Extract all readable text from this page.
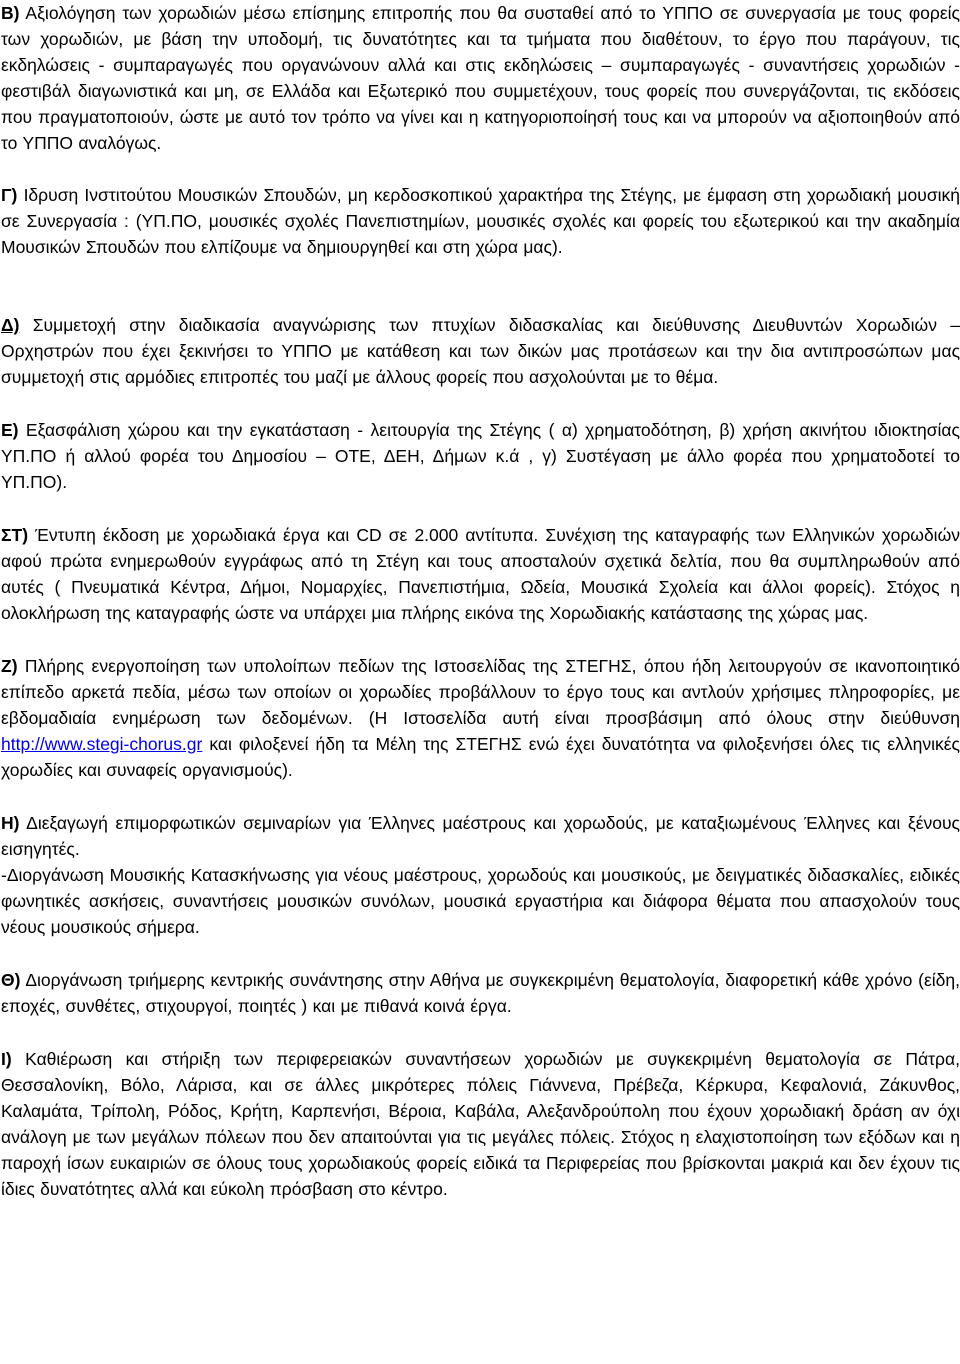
Β) Αξιολόγηση των χορωδιών μέσω επίσημης επιτροπής που θα συσταθεί από το ΥΠΠΟ σε συνεργασία με τους φορείς των χορωδιών, με βάση την υποδομή, τις δυνατότητες και τα τμήματα που διαθέτουν, το έργο που παράγουν, τις εκδηλώσεις - συμπαραγωγές που οργανώνουν αλλά και στις εκδηλώσεις – συμπαραγωγές - συναντήσεις χορωδιών - φεστιβάλ διαγωνιστικά και μη, σε Ελλάδα και Εξωτερικό που συμμετέχουν, τους φορείς που συνεργάζονται, τις εκδόσεις που πραγματοποιούν, ώστε με αυτό τον τρόπο να γίνει και η κατηγοριοποίησή τους και να μπορούν να αξιοποιηθούν από το ΥΠΠΟ αναλόγως.

Γ) Ιδρυση Ινστιτούτου Μουσικών Σπουδών, μη κερδοσκοπικού χαρακτήρα της Στέγης, με έμφαση στη χορωδιακή μουσική σε Συνεργασία : (ΥΠ.ΠΟ, μουσικές σχολές Πανεπιστημίων, μουσικές σχολές και φορείς του εξωτερικού και την ακαδημία Μουσικών Σπουδών που ελπίζουμε να δημιουργηθεί και στη χώρα μας).

Δ) Συμμετοχή στην διαδικασία αναγνώρισης των πτυχίων διδασκαλίας και διεύθυνσης Διευθυντών Χορωδιών – Ορχηστρών που έχει ξεκινήσει το ΥΠΠΟ με κατάθεση και των δικών μας προτάσεων και την δια αντιπροσώπων μας συμμετοχή στις αρμόδιες επιτροπές του μαζί με άλλους φορείς που ασχολούνται με το θέμα.

Ε) Εξασφάλιση χώρου και την εγκατάσταση - λειτουργία της Στέγης ( α) χρηματοδότηση, β) χρήση ακινήτου ιδιοκτησίας ΥΠ.ΠΟ ή αλλού φορέα του Δημοσίου – ΟΤΕ, ΔΕΗ, Δήμων κ.ά , γ) Συστέγαση με άλλο φορέα που χρηματοδοτεί το ΥΠ.ΠΟ).

ΣΤ) Έντυπη έκδοση με χορωδιακά έργα και CD σε 2.000 αντίτυπα. Συνέχιση της καταγραφής των Ελληνικών χορωδιών αφού πρώτα ενημερωθούν εγγράφως από τη Στέγη και τους αποσταλούν σχετικά δελτία, που θα συμπληρωθούν από αυτές ( Πνευματικά Κέντρα, Δήμοι, Νομαρχίες, Πανεπιστήμια, Ωδεία, Μουσικά Σχολεία και άλλοι φορείς). Στόχος η ολοκλήρωση της καταγραφής ώστε να υπάρχει μια πλήρης εικόνα της Χορωδιακής κατάστασης της χώρας μας.

Ζ) Πλήρης ενεργοποίηση των υπολοίπων πεδίων της Ιστοσελίδας της ΣΤΕΓΗΣ, όπου ήδη λειτουργούν σε ικανοποιητικό επίπεδο αρκετά πεδία, μέσω των οποίων οι χορωδίες προβάλλουν το έργο τους και αντλούν χρήσιμες πληροφορίες, με εβδομαδιαία ενημέρωση των δεδομένων. (Η Ιστοσελίδα αυτή είναι προσβάσιμη από όλους στην διεύθυνση http://www.stegi-chorus.gr και φιλοξενεί ήδη τα Μέλη της ΣΤΕΓΗΣ ενώ έχει δυνατότητα να φιλοξενήσει όλες τις ελληνικές χορωδίες και συναφείς οργανισμούς).

Η) Διεξαγωγή επιμορφωτικών σεμιναρίων για Έλληνες μαέστρους και χορωδούς, με καταξιωμένους Έλληνες και ξένους εισηγητές.
-Διοργάνωση Μουσικής Κατασκήνωσης για νέους μαέστρους, χορωδούς και μουσικούς, με δειγματικές διδασκαλίες, ειδικές φωνητικές ασκήσεις, συναντήσεις μουσικών συνόλων, μουσικά εργαστήρια και διάφορα θέματα που απασχολούν τους νέους μουσικούς σήμερα.

Θ) Διοργάνωση τριήμερης κεντρικής συνάντησης στην Αθήνα με συγκεκριμένη θεματολογία, διαφορετική κάθε χρόνο (είδη, εποχές, συνθέτες, στιχουργοί, ποιητές ) και με πιθανά κοινά έργα.

Ι) Καθιέρωση και στήριξη των περιφερειακών συναντήσεων χορωδιών με συγκεκριμένη θεματολογία σε Πάτρα, Θεσσαλονίκη, Βόλο, Λάρισα, και σε άλλες μικρότερες πόλεις Γιάννενα, Πρέβεζα, Κέρκυρα, Κεφαλονιά, Ζάκυνθος, Καλαμάτα, Τρίπολη, Ρόδος, Κρήτη, Καρπενήσι, Βέροια, Καβάλα, Αλεξανδρούπολη που έχουν χορωδιακή δράση αν όχι ανάλογη με των μεγάλων πόλεων που δεν απαιτούνται για τις μεγάλες πόλεις. Στόχος η ελαχιστοποίηση των εξόδων και η παροχή ίσων ευκαιριών σε όλους τους χορωδιακούς φορείς ειδικά τα Περιφερείας που βρίσκονται μακριά και δεν έχουν τις ίδιες δυνατότητες αλλά και εύκολη πρόσβαση στο κέντρο.
